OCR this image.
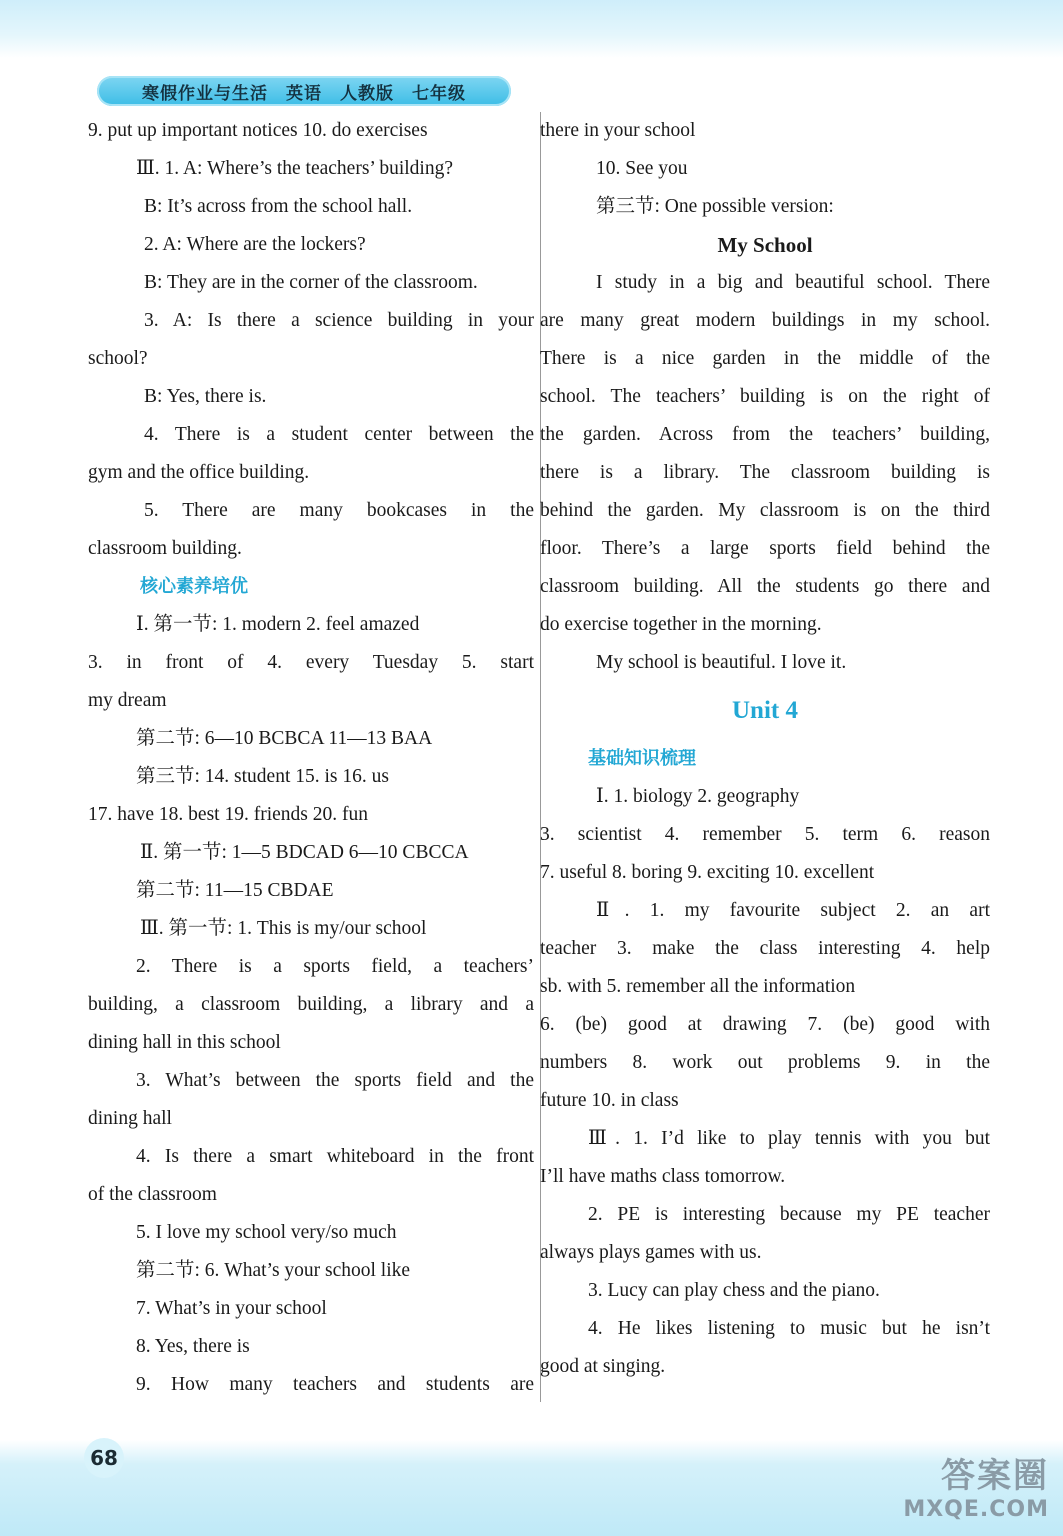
寒假作业与生活　英语　人教版　七年级
9. put up important notices 10. do exercises
Ⅲ. 1. A: Where’s the teachers’ building?
B: It’s across from the school hall.
2. A: Where are the lockers?
B: They are in the corner of the classroom.
3. A: Is there a science building in your
school?
B: Yes, there is.
4. There is a student center between the
gym and the office building.
5. There are many bookcases in the
classroom building.
核心素养培优
Ⅰ. 第一节: 1. modern 2. feel amazed
3. in front of 4. every Tuesday 5. start
my dream
第二节: 6—10 BCBCA 11—13 BAA
第三节: 14. student 15. is 16. us
17. have 18. best 19. friends 20. fun
Ⅱ. 第一节: 1—5 BDCAD 6—10 CBCCA
第二节: 11—15 CBDAE
Ⅲ. 第一节: 1. This is my/our school
2. There is a sports field, a teachers’
building, a classroom building, a library and a
dining hall in this school
3. What’s between the sports field and the
dining hall
4. Is there a smart whiteboard in the front
of the classroom
5. I love my school very/so much
第二节: 6. What’s your school like
7. What’s in your school
8. Yes, there is
9. How many teachers and students are
there in your school
10. See you
第三节: One possible version:
My School
I study in a big and beautiful school. There
are many great modern buildings in my school.
There is a nice garden in the middle of the
school. The teachers’ building is on the right of
the garden. Across from the teachers’ building,
there is a library. The classroom building is
behind the garden. My classroom is on the third
floor. There’s a large sports field behind the
classroom building. All the students go there and
do exercise together in the morning.
My school is beautiful. I love it.
Unit 4
基础知识梳理
Ⅰ. 1. biology 2. geography
3. scientist 4. remember 5. term 6. reason
7. useful 8. boring 9. exciting 10. excellent
Ⅱ. 1. my favourite subject 2. an art
teacher 3. make the class interesting 4. help
sb. with 5. remember all the information
6. (be) good at drawing 7. (be) good with
numbers 8. work out problems 9. in the
future 10. in class
Ⅲ. 1. I’d like to play tennis with you but
I’ll have maths class tomorrow.
2. PE is interesting because my PE teacher
always plays games with us.
3. Lucy can play chess and the piano.
4. He likes listening to music but he isn’t
good at singing.
68	答案圈
MXQE.COM
